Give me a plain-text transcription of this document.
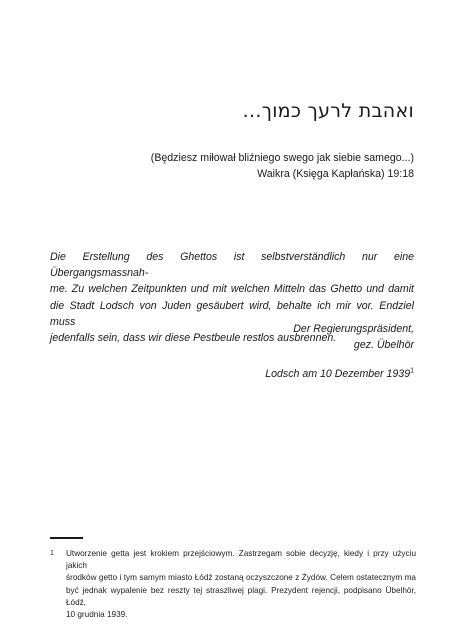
ואהבת לרעך כמוך...
(Będziesz miłował bliźniego swego jak siebie samego...)
Waikra (Księga Kapłańska) 19:18
Die Erstellung des Ghettos ist selbstverständlich nur eine Übergangsmassnah-
me. Zu welchen Zeitpunkten und mit welchen Mitteln das Ghetto und damit
die Stadt Lodsch von Juden gesäubert wird, behalte ich mir vor. Endziel muss
jedenfalls sein, dass wir diese Pestbeule restlos ausbrennen.
Der Regierungspräsident,
gez. Übelhör
Lodsch am 10 Dezember 1939$^1$
1 Utworzenie getta jest krokiem przejściowym. Zastrzegam sobie decyzję, kiedy i przy użyciu jakich
środków getto i tym samym miasto Łódź zostaną oczyszczone z Żydów. Celem ostatecznym ma
być jednak wypalenie bez reszty tej straszliwej plagi. Prezydent rejencji, podpisano Übelhör, Łódź,
10 grudnia 1939.
